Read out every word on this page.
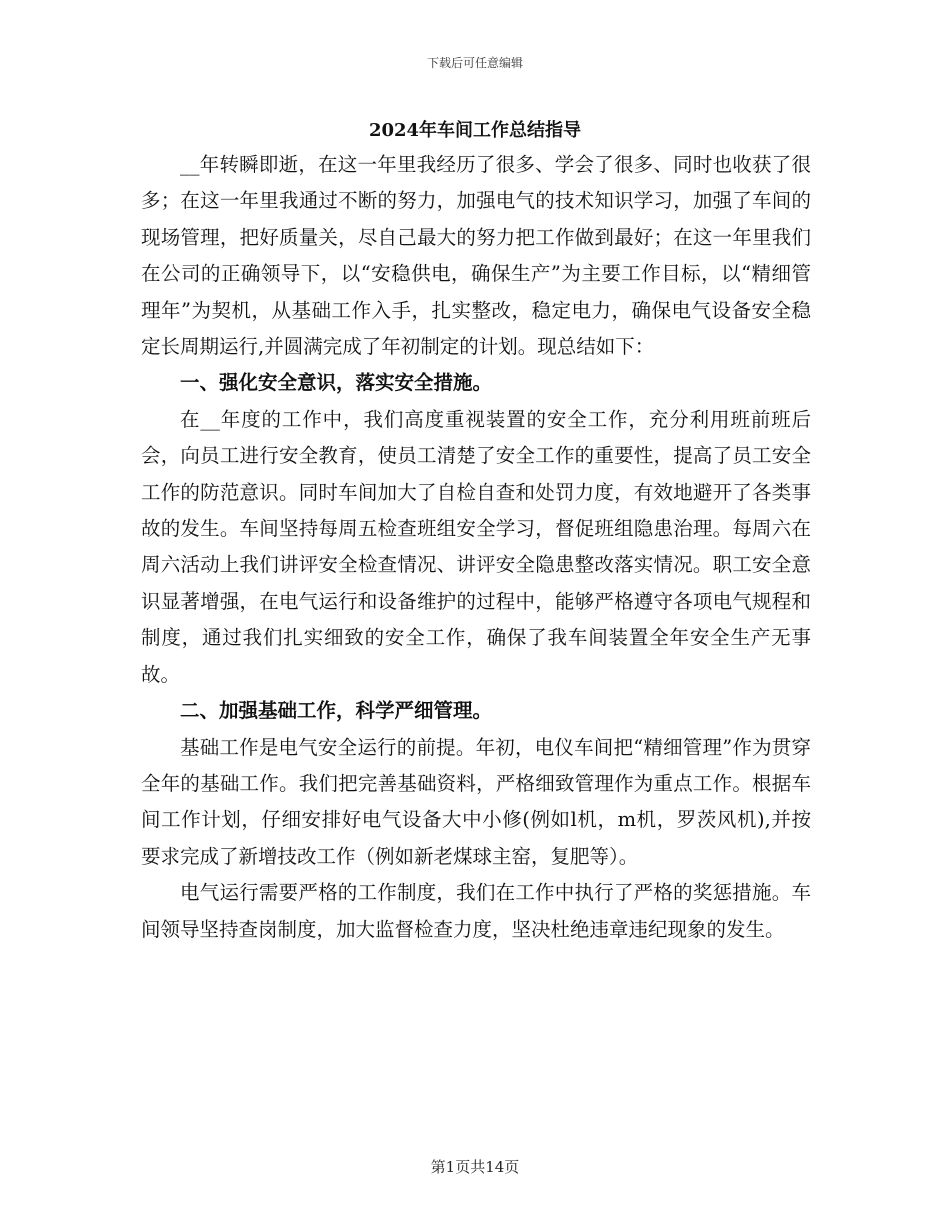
下载后可任意编辑
2024年车间工作总结指导

__年转瞬即逝，在这一年里我经历了很多、学会了很多、同时也收获了很多；在这一年里我通过不断的努力，加强电气的技术知识学习，加强了车间的现场管理，把好质量关，尽自己最大的努力把工作做到最好；在这一年里我们在公司的正确领导下，以“安稳供电，确保生产”为主要工作目标，以“精细管理年”为契机，从基础工作入手，扎实整改，稳定电力，确保电气设备安全稳定长周期运行,并圆满完成了年初制定的计划。现总结如下：

一、强化安全意识，落实安全措施。

在__年度的工作中，我们高度重视装置的安全工作，充分利用班前班后会，向员工进行安全教育，使员工清楚了安全工作的重要性，提高了员工安全工作的防范意识。同时车间加大了自检自查和处罚力度，有效地避开了各类事故的发生。车间坚持每周五检查班组安全学习，督促班组隐患治理。每周六在周六活动上我们讲评安全检查情况、讲评安全隐患整改落实情况。职工安全意识显著增强，在电气运行和设备维护的过程中，能够严格遵守各项电气规程和制度，通过我们扎实细致的安全工作，确保了我车间装置全年安全生产无事故。

二、加强基础工作，科学严细管理。

基础工作是电气安全运行的前提。年初，电仪车间把“精细管理”作为贯穿全年的基础工作。我们把完善基础资料，严格细致管理作为重点工作。根据车间工作计划，仔细安排好电气设备大中小修(例如l机，m机，罗茨风机),并按要求完成了新增技改工作（例如新老煤球主窑，复肥等）。

电气运行需要严格的工作制度，我们在工作中执行了严格的奖惩措施。车间领导坚持查岗制度，加大监督检查力度，坚决杜绝违章违纪现象的发生。

第1页共14页
